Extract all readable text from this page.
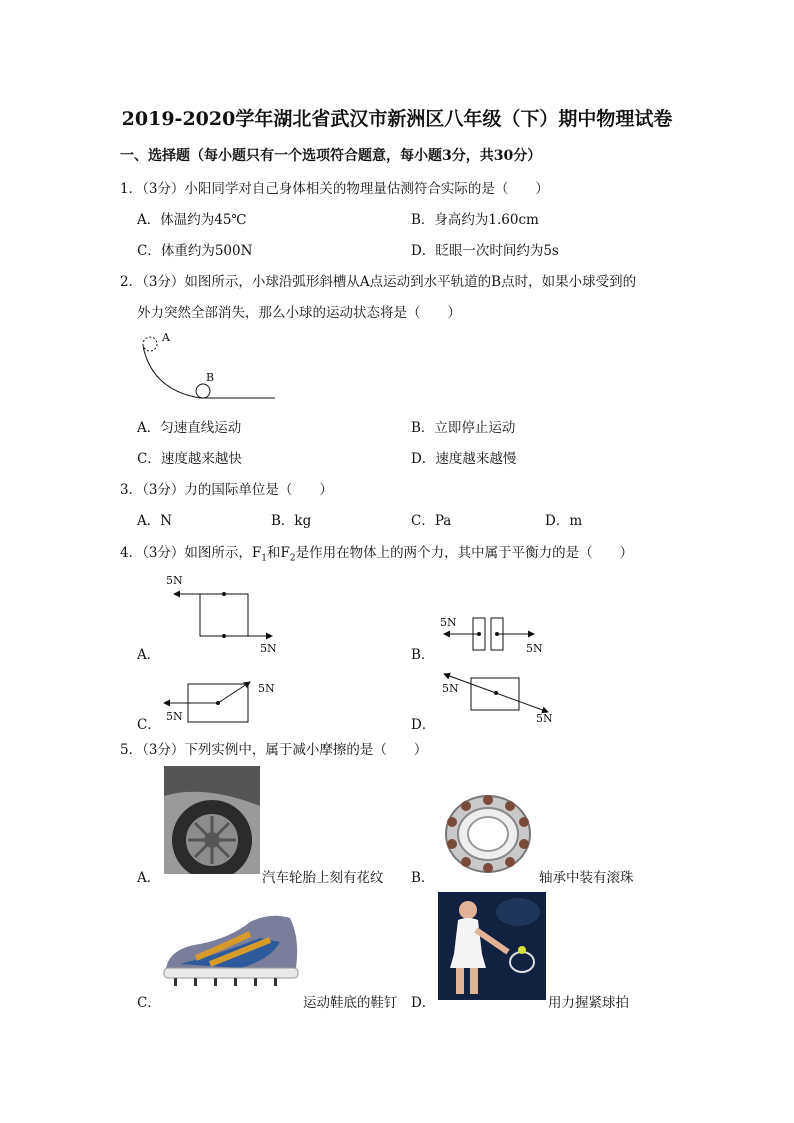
2019-2020学年湖北省武汉市新洲区八年级（下）期中物理试卷
一、选择题（每小题只有一个选项符合题意，每小题3分，共30分）
1．（3分）小阳同学对自己身体相关的物理量估测符合实际的是（　　）
A．体温约为45℃	B．身高约为1.60cm
C．体重约为500N	D．眨眼一次时间约为5s
2．（3分）如图所示，小球沿弧形斜槽从A点运动到水平轨道的B点时，如果小球受到的
外力突然全部消失，那么小球的运动状态将是（　　）
A
B
A．匀速直线运动	B．立即停止运动
C．速度越来越快	D．速度越来越慢
3．（3分）力的国际单位是（　　）
A．N	B．kg	C．Pa	D．m
4．（3分）如图所示，$F_1$和$F_2$是作用在物体上的两个力，其中属于平衡力的是（　　）
5N
5N
A．
5N
5N
B．
5N
5N
C．
5N
5N
D．
5．（3分）下列实例中，属于减小摩擦的是（　　）
A．	汽车轮胎上刻有花纹 B．	轴承中装有滚珠
C．	运动鞋底的鞋钉 D．	用力握紧球拍
